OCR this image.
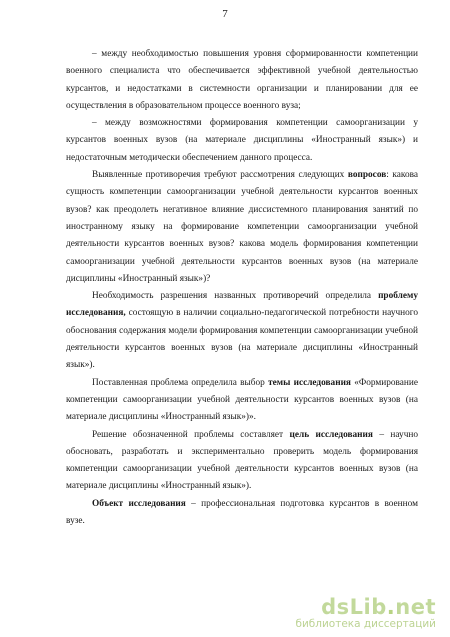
7

– между необходимостью повышения уровня сформированности компетенции военного специалиста что обеспечивается эффективной учебной деятельностью курсантов, и недостатками в системности организации и планировании для ее осуществления в образовательном процессе военного вуза;

– между возможностями формирования компетенции самоорганизации у курсантов военных вузов (на материале дисциплины «Иностранный язык») и недостаточным методически обеспечением данного процесса.

Выявленные противоречия требуют рассмотрения следующих вопросов: какова сущность компетенции самоорганизации учебной деятельности курсантов военных вузов? как преодолеть негативное влияние диссистемного планирования занятий по иностранному языку на формирование компетенции самоорганизации учебной деятельности курсантов военных вузов? какова модель формирования компетенции самоорганизации учебной деятельности курсантов военных вузов (на материале дисциплины «Иностранный язык»)?

Необходимость разрешения названных противоречий определила проблему исследования, состоящую в наличии социально-педагогической потребности научного обоснования содержания модели формирования компетенции самоорганизации учебной деятельности курсантов военных вузов (на материале дисциплины «Иностранный язык»).

Поставленная проблема определила выбор темы исследования «Формирование компетенции самоорганизации учебной деятельности курсантов военных вузов (на материале дисциплины «Иностранный язык»)».

Решение обозначенной проблемы составляет цель исследования – научно обосновать, разработать и экспериментально проверить модель формирования компетенции самоорганизации учебной деятельности курсантов военных вузов (на материале дисциплины «Иностранный язык»).

Объект исследования – профессиональная подготовка курсантов в военном вузе.

dsLib.net
библиотека диссертаций
